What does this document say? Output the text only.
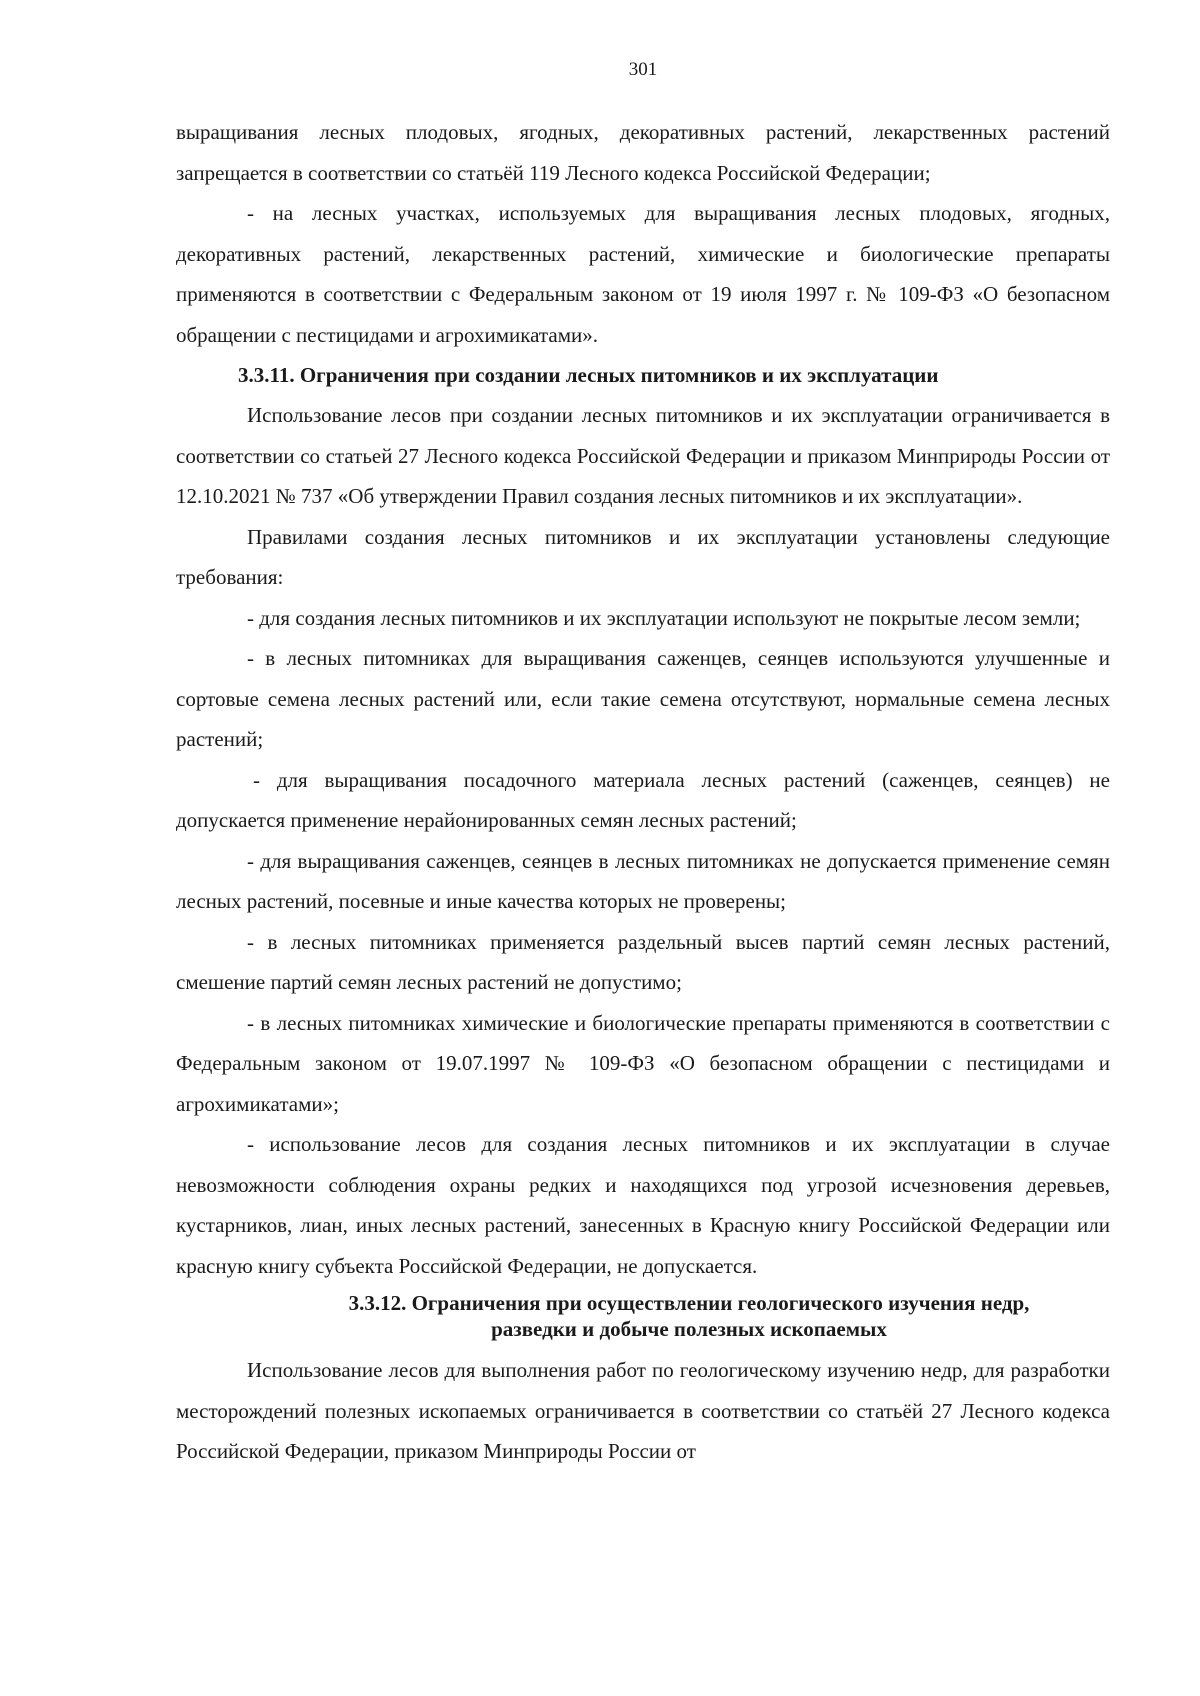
301

выращивания лесных плодовых, ягодных, декоративных растений, лекарственных растений запрещается в соответствии со статьёй 119 Лесного кодекса Российской Федерации;

- на лесных участках, используемых для выращивания лесных плодовых, ягодных, декоративных растений, лекарственных растений, химические и биологические препараты применяются в соответствии с Федеральным законом от 19 июля 1997 г. № 109-ФЗ «О безопасном обращении с пестицидами и агрохимикатами».

3.3.11. Ограничения при создании лесных питомников и их эксплуатации

Использование лесов при создании лесных питомников и их эксплуатации ограничивается в соответствии со статьей 27 Лесного кодекса Российской Федерации и приказом Минприроды России от 12.10.2021 № 737 «Об утверждении Правил создания лесных питомников и их эксплуатации».

Правилами создания лесных питомников и их эксплуатации установлены следующие требования:

- для создания лесных питомников и их эксплуатации используют не покрытые лесом земли;

- в лесных питомниках для выращивания саженцев, сеянцев используются улучшенные и сортовые семена лесных растений или, если такие семена отсутствуют, нормальные семена лесных растений;

- для выращивания посадочного материала лесных растений (саженцев, сеянцев) не допускается применение нерайонированных семян лесных растений;

- для выращивания саженцев, сеянцев в лесных питомниках не допускается применение семян лесных растений, посевные и иные качества которых не проверены;

- в лесных питомниках применяется раздельный высев партий семян лесных растений, смешение партий семян лесных растений не допустимо;

- в лесных питомниках химические и биологические препараты применяются в соответствии с Федеральным законом от 19.07.1997 № 109-ФЗ «О безопасном обращении с пестицидами и агрохимикатами»;

- использование лесов для создания лесных питомников и их эксплуатации в случае невозможности соблюдения охраны редких и находящихся под угрозой исчезновения деревьев, кустарников, лиан, иных лесных растений, занесенных в Красную книгу Российской Федерации или красную книгу субъекта Российской Федерации, не допускается.

3.3.12. Ограничения при осуществлении геологического изучения недр,
разведки и добыче полезных ископаемых

Использование лесов для выполнения работ по геологическому изучению недр, для разработки месторождений полезных ископаемых ограничивается в соответствии со статьёй 27 Лесного кодекса Российской Федерации, приказом Минприроды России от
